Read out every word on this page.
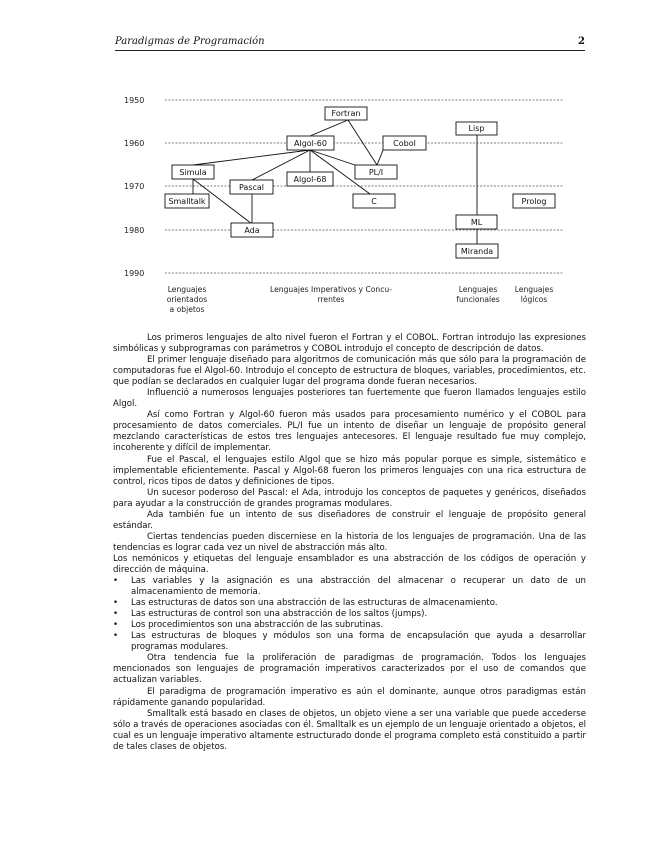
Paradigmas de Programación	2
1950
1960
1970
1980
1990
Fortran
Algol-60	Cobol
Lisp
Simula
Pascal
Algol-68
PL/I
Smalltalk	C
Ada
ML
Prolog
Miranda
Lenguajes
orientados
a objetos
Lenguajes Imperativos y Concu-
rrentes
Lenguajes
funcionales
Lenguajes
lógicos

Los primeros lenguajes de alto nivel fueron el Fortran y el COBOL. Fortran introdujo las expresiones simbólicas y subprogramas con parámetros y COBOL introdujo el concepto de descripción de datos.

El primer lenguaje diseñado para algoritmos de comunicación más que sólo para la programación de computadoras fue el Algol-60. Introdujo el concepto de estructura de bloques, variables, procedimientos, etc. que podían se declarados en cualquier lugar del programa donde fueran necesarios.

Influenció a numerosos lenguajes posteriores tan fuertemente que fueron llamados lenguajes estilo Algol.

Así como Fortran y Algol-60 fueron más usados para procesamiento numérico y el COBOL para procesamiento de datos comerciales. PL/I fue un intento de diseñar un lenguaje de propósito general mezclando características de estos tres lenguajes antecesores. El lenguaje resultado fue muy complejo, incoherente y difícil de implementar.

Fue el Pascal, el lenguajes estilo Algol que se hizo más popular porque es simple, sistemático e implementable eficientemente. Pascal y Algol-68 fueron los primeros lenguajes con una rica estructura de control, ricos tipos de datos y definiciones de tipos.

Un sucesor poderoso del Pascal: el Ada, introdujo los conceptos de paquetes y genéricos, diseñados para ayudar a la construcción de grandes programas modulares.

Ada también fue un intento de sus diseñadores de construir el lenguaje de propósito general estándar.

Ciertas tendencias pueden discerniese en la historia de los lenguajes de programación. Una de las tendencias es lograr cada vez un nivel de abstracción más alto.

Los nemónicos y etiquetas del lenguaje ensamblador es una abstracción de los códigos de operación y dirección de máquina.

• Las variables y la asignación es una abstracción del almacenar o recuperar un dato de un almacenamiento de memoria.
• Las estructuras de datos son una abstracción de las estructuras de almacenamiento.
• Las estructuras de control son una abstracción de los saltos (jumps).
• Los procedimientos son una abstracción de las subrutinas.
• Las estructuras de bloques y módulos son una forma de encapsulación que ayuda a desarrollar programas modulares.

Otra tendencia fue la proliferación de paradigmas de programación. Todos los lenguajes mencionados son lenguajes de programación imperativos caracterizados por el uso de comandos que actualizan variables.

El paradigma de programación imperativo es aún el dominante, aunque otros paradigmas están rápidamente ganando popularidad.

Smalltalk está basado en clases de objetos, un objeto viene a ser una variable que puede accederse sólo a través de operaciones asociadas con él. Smalltalk es un ejemplo de un lenguaje orientado a objetos, el cual es un lenguaje imperativo altamente estructurado donde el programa completo está constituido a partir de tales clases de objetos.
